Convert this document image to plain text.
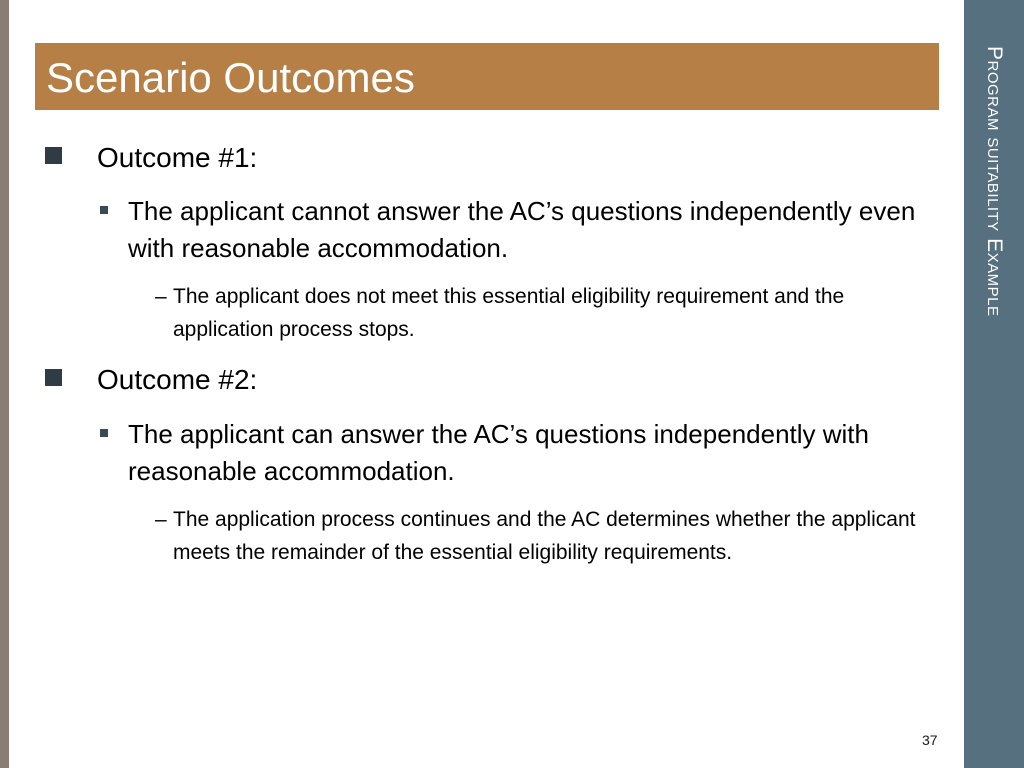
Scenario Outcomes	Program suitability Example
Outcome #1:
The applicant cannot answer the AC’s questions independently even with reasonable accommodation.
– The applicant does not meet this essential eligibility requirement and the application process stops.
Outcome #2:
The applicant can answer the AC’s questions independently with reasonable accommodation.
– The application process continues and the AC determines whether the applicant meets the remainder of the essential eligibility requirements.
37
